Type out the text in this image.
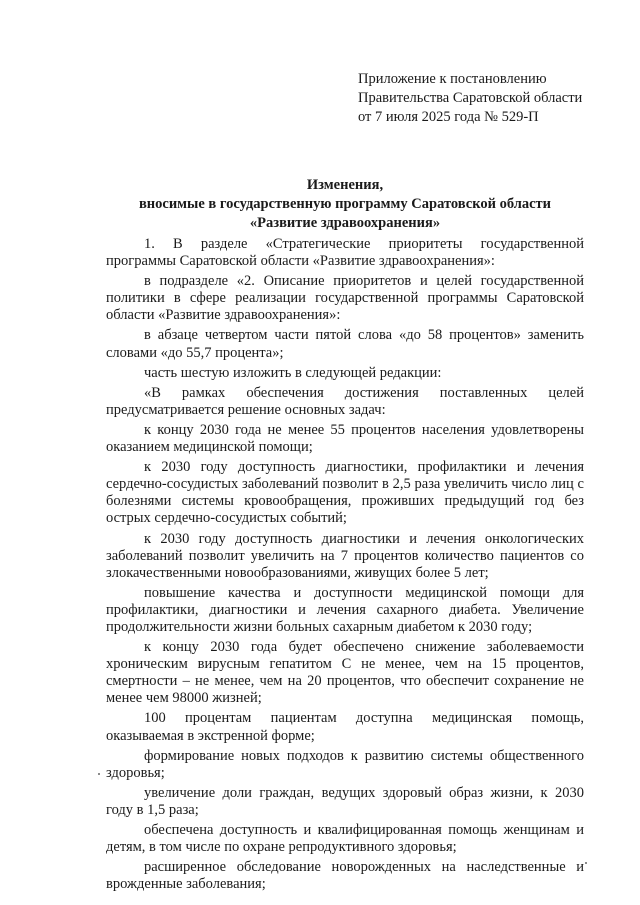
Приложение к постановлению
Правительства Саратовской области
от 7 июля 2025 года № 529-П
Изменения,
вносимые в государственную программу Саратовской области
«Развитие здравоохранения»

1. В разделе «Стратегические приоритеты государственной программы Саратовской области «Развитие здравоохранения»:

в подразделе «2. Описание приоритетов и целей государственной политики в сфере реализации государственной программы Саратовской области «Развитие здравоохранения»:

в абзаце четвертом части пятой слова «до 58 процентов» заменить словами «до 55,7 процента»;

часть шестую изложить в следующей редакции:

«В рамках обеспечения достижения поставленных целей предусматривается решение основных задач:

к концу 2030 года не менее 55 процентов населения удовлетворены оказанием медицинской помощи;

к 2030 году доступность диагностики, профилактики и лечения сердечно-сосудистых заболеваний позволит в 2,5 раза увеличить число лиц с болезнями системы кровообращения, проживших предыдущий год без острых сердечно-сосудистых событий;

к 2030 году доступность диагностики и лечения онкологических заболеваний позволит увеличить на 7 процентов количество пациентов со злокачественными новообразованиями, живущих более 5 лет;

повышение качества и доступности медицинской помощи для профилактики, диагностики и лечения сахарного диабета. Увеличение продолжительности жизни больных сахарным диабетом к 2030 году;

к концу 2030 года будет обеспечено снижение заболеваемости хроническим вирусным гепатитом C не менее, чем на 15 процентов, смертности – не менее, чем на 20 процентов, что обеспечит сохранение не менее чем 98000 жизней;

100 процентам пациентам доступна медицинская помощь, оказываемая в экстренной форме;

формирование новых подходов к развитию системы общественного здоровья;

увеличение доли граждан, ведущих здоровый образ жизни, к 2030 году в 1,5 раза;

обеспечена доступность и квалифицированная помощь женщинам и детям, в том числе по охране репродуктивного здоровья;

расширенное обследование новорожденных на наследственные и врожденные заболевания;
